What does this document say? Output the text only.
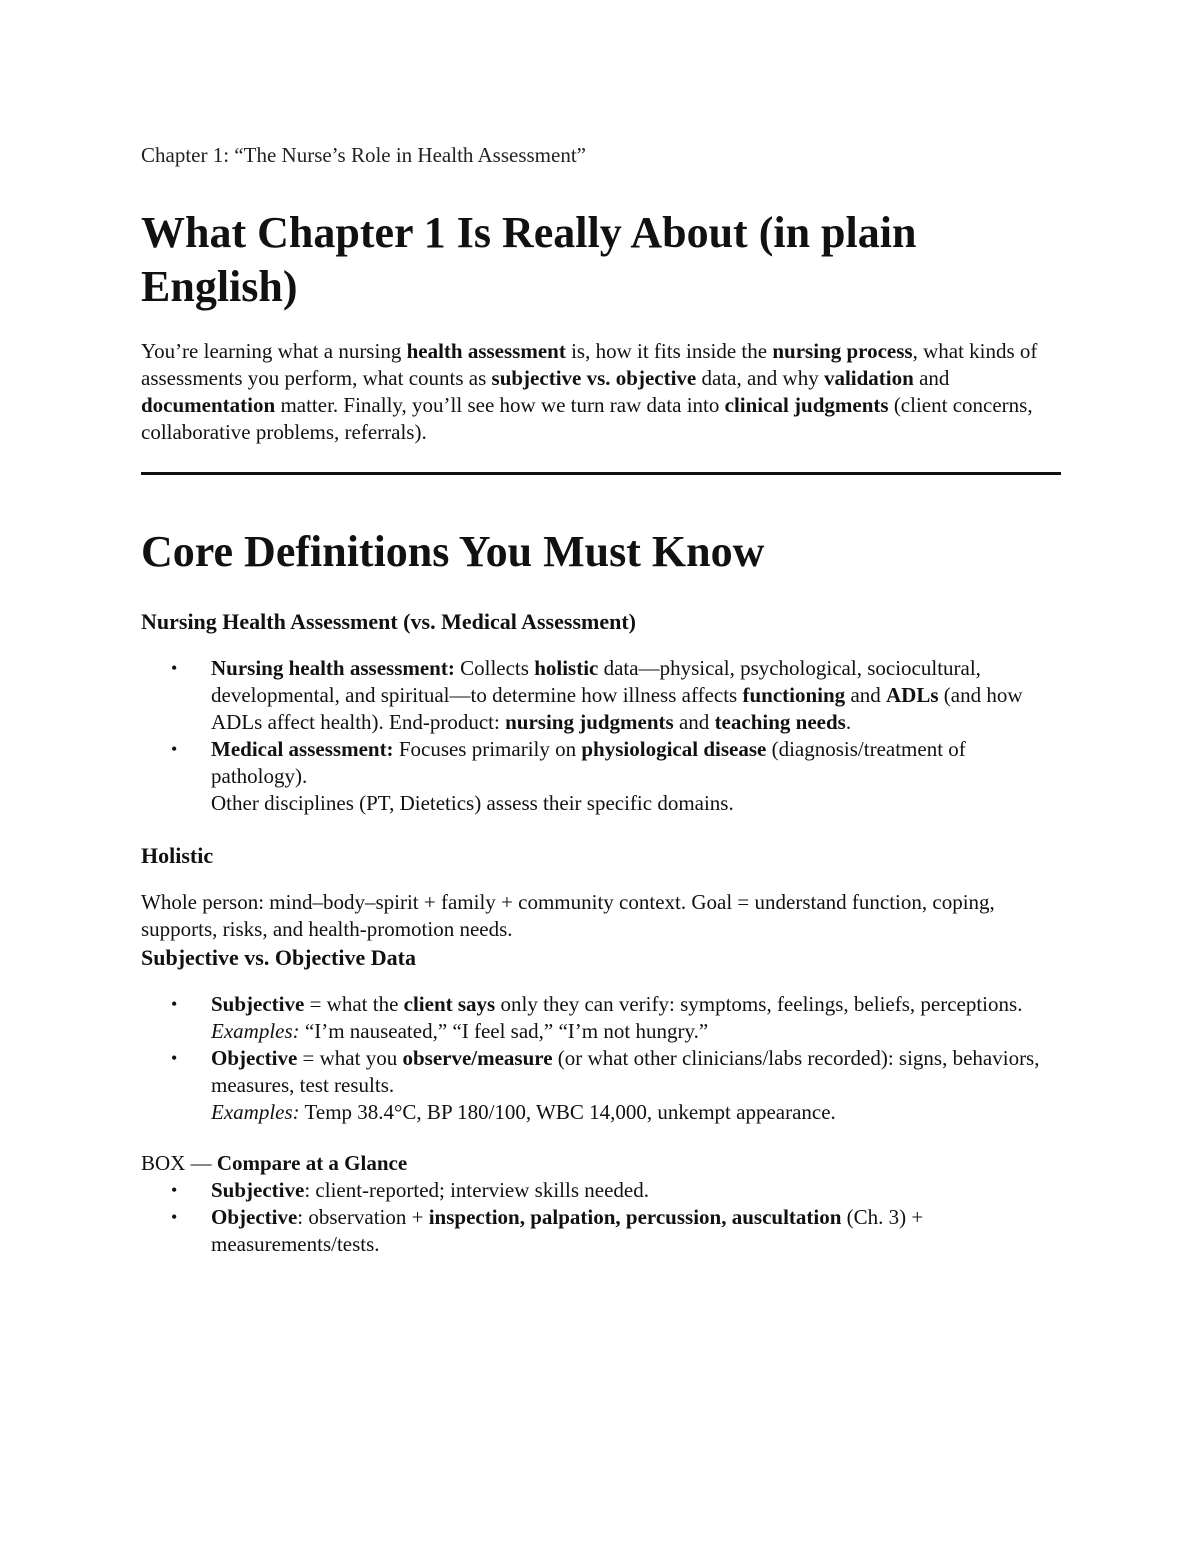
Chapter 1: “The Nurse’s Role in Health Assessment”
What Chapter 1 Is Really About (in plain English)

You’re learning what a nursing health assessment is, how it fits inside the nursing process, what kinds of assessments you perform, what counts as subjective vs. objective data, and why validation and documentation matter. Finally, you’ll see how we turn raw data into clinical judgments (client concerns, collaborative problems, referrals).

Core Definitions You Must Know
Nursing Health Assessment (vs. Medical Assessment)
• Nursing health assessment: Collects holistic data—physical, psychological, sociocultural, developmental, and spiritual—to determine how illness affects functioning and ADLs (and how ADLs affect health). End-product: nursing judgments and teaching needs.
• Medical assessment: Focuses primarily on physiological disease (diagnosis/treatment of pathology).
Other disciplines (PT, Dietetics) assess their specific domains.
Holistic

Whole person: mind–body–spirit + family + community context. Goal = understand function, coping, supports, risks, and health-promotion needs.

Subjective vs. Objective Data
• Subjective = what the client says only they can verify: symptoms, feelings, beliefs, perceptions.
Examples: “I’m nauseated,” “I feel sad,” “I’m not hungry.”
• Objective = what you observe/measure (or what other clinicians/labs recorded): signs, behaviors, measures, test results.
Examples: Temp 38.4°C, BP 180/100, WBC 14,000, unkempt appearance.

BOX — Compare at a Glance

• Subjective: client-reported; interview skills needed.
• Objective: observation + inspection, palpation, percussion, auscultation (Ch. 3) + measurements/tests.
